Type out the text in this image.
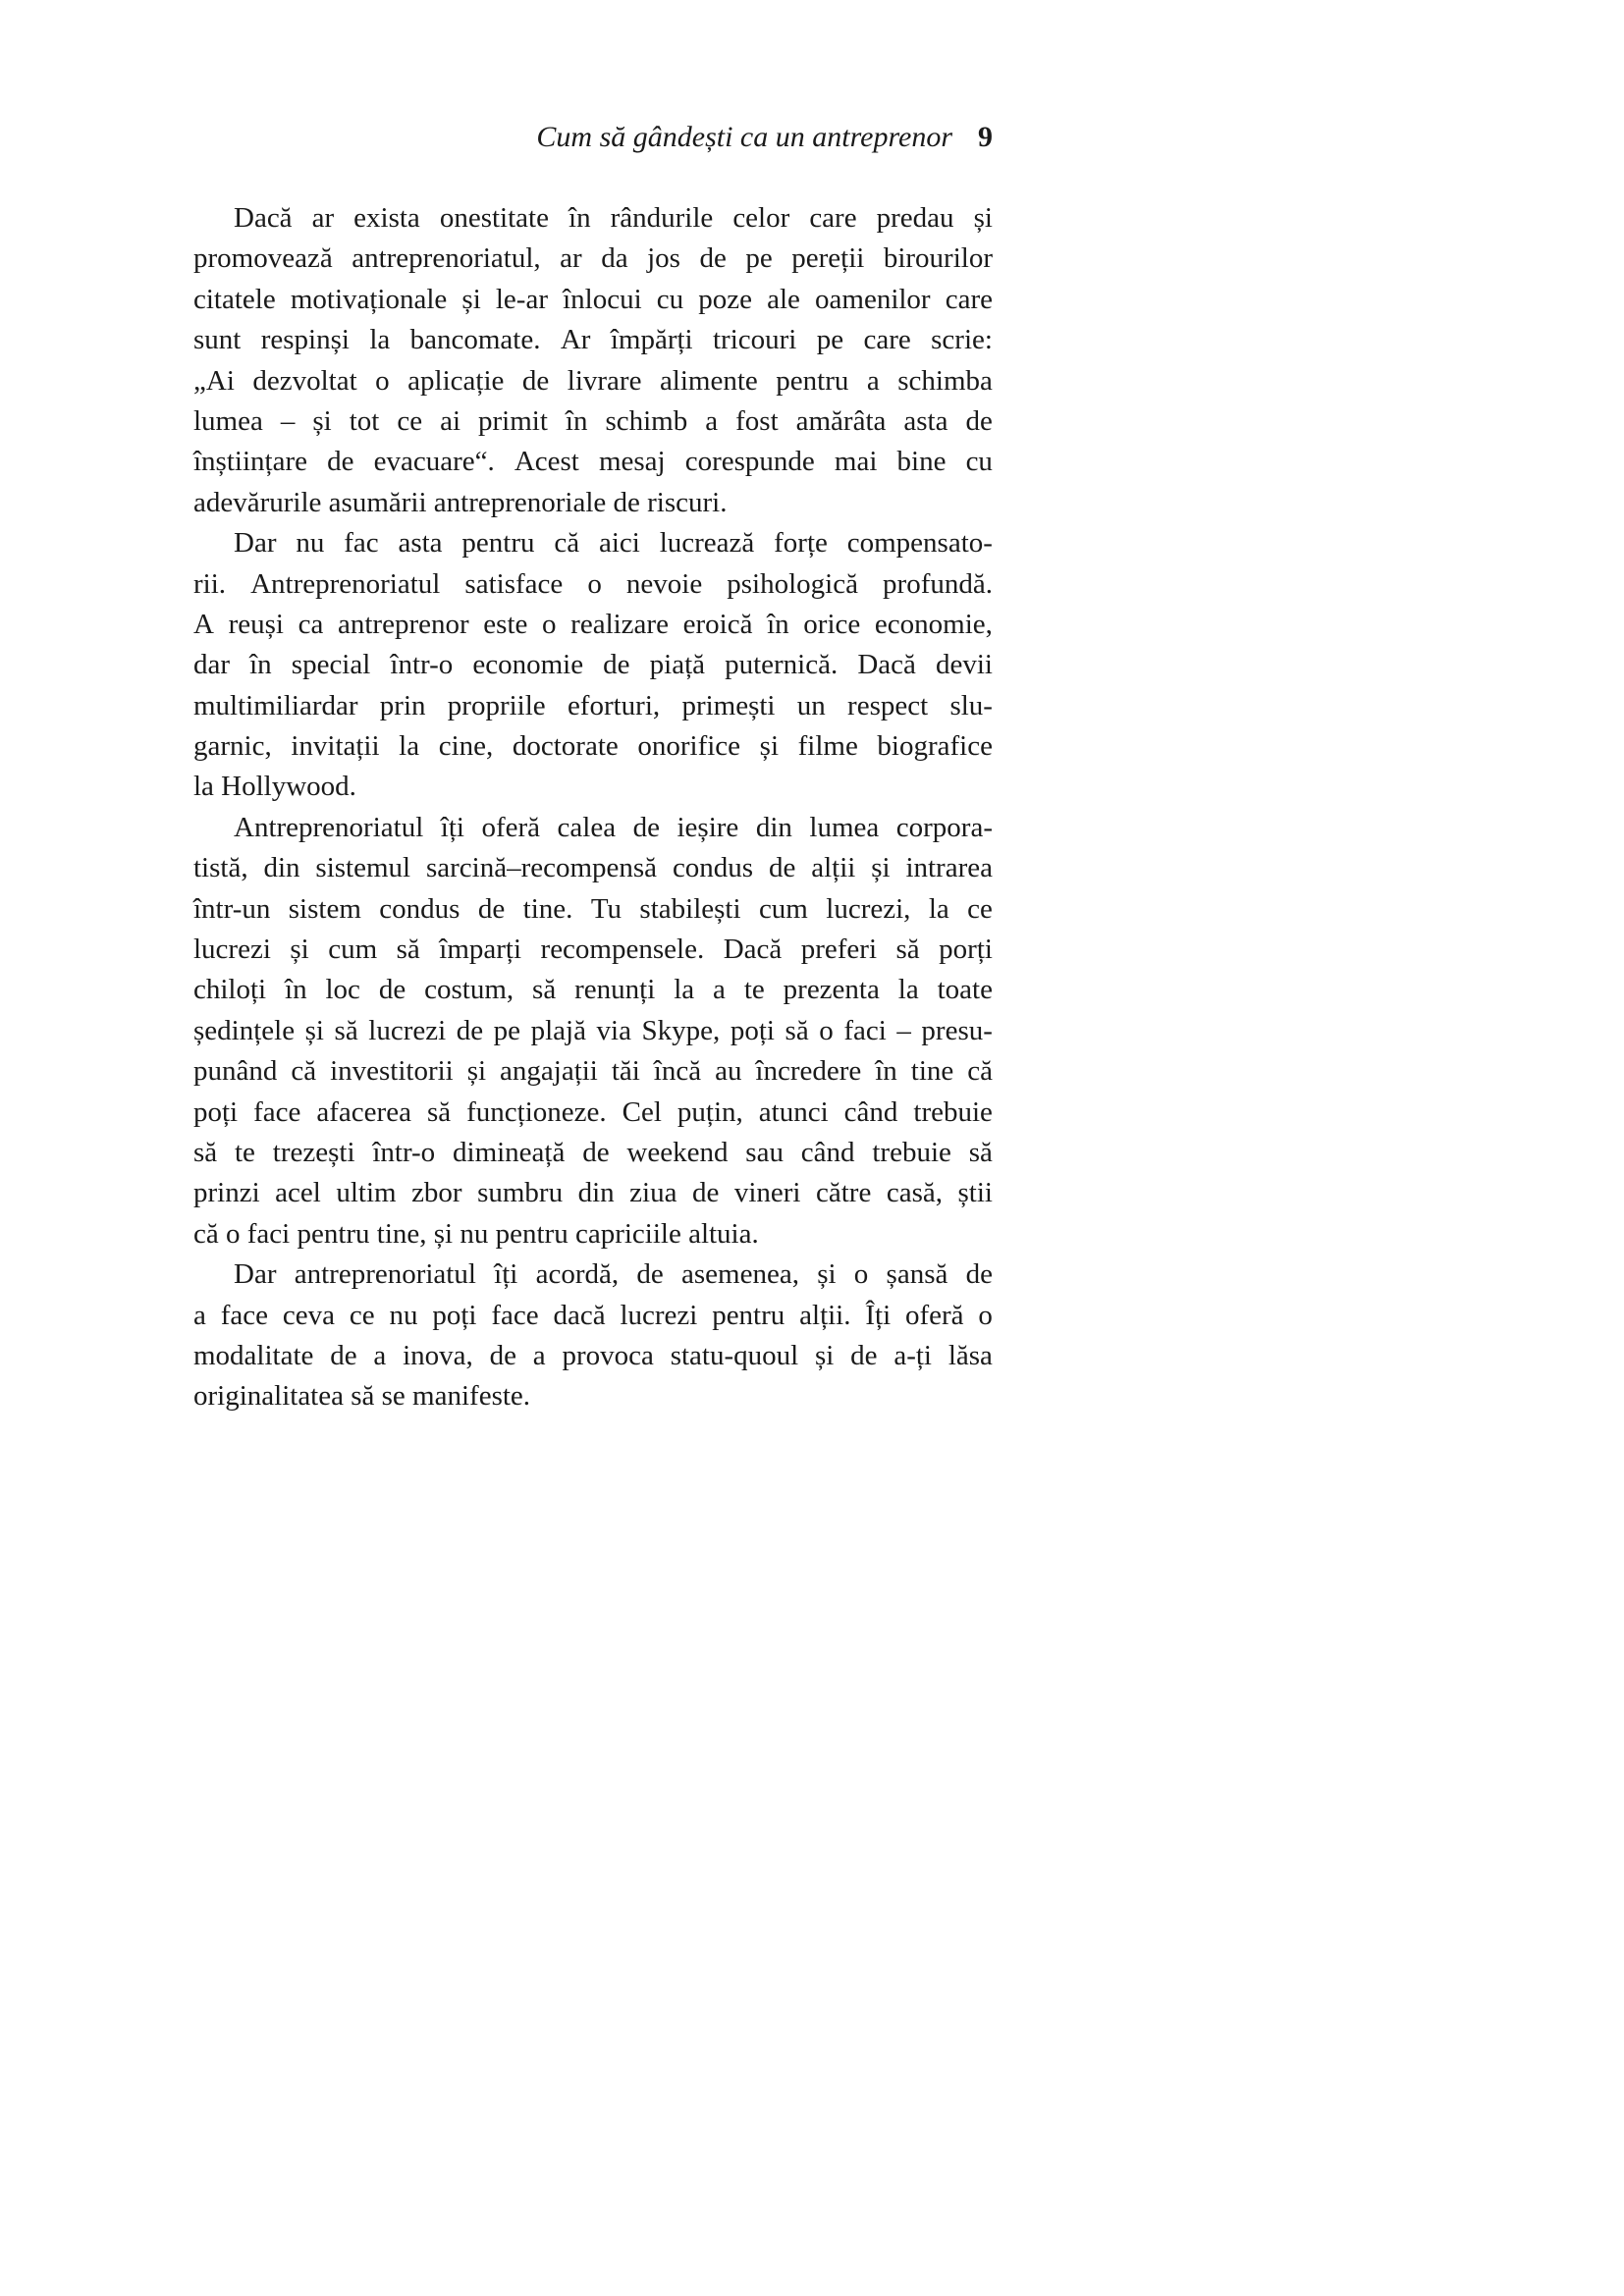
Cum să gândești ca un antreprenor 9
Dacă ar exista onestitate în rândurile celor care predau și
promovează antreprenoriatul, ar da jos de pe pereții birourilor
citatele motivaționale și le-ar înlocui cu poze ale oamenilor care
sunt respinși la bancomate. Ar împărți tricouri pe care scrie:
„Ai dezvoltat o aplicație de livrare alimente pentru a schimba
lumea – și tot ce ai primit în schimb a fost amărâta asta de
înștiințare de evacuare“. Acest mesaj corespunde mai bine cu
adevărurile asumării antreprenoriale de riscuri.
Dar nu fac asta pentru că aici lucrează forțe compensato-
rii. Antreprenoriatul satisface o nevoie psihologică profundă.
A reuși ca antreprenor este o realizare eroică în orice economie,
dar în special într-o economie de piață puternică. Dacă devii
multimiliardar prin propriile eforturi, primești un respect slu-
garnic, invitații la cine, doctorate onorifice și filme biografice
la Hollywood.
Antreprenoriatul îți oferă calea de ieșire din lumea corpora-
tistă, din sistemul sarcină–recompensă condus de alții și intrarea
într-un sistem condus de tine. Tu stabilești cum lucrezi, la ce
lucrezi și cum să împarți recompensele. Dacă preferi să porți
chiloți în loc de costum, să renunți la a te prezenta la toate
ședințele și să lucrezi de pe plajă via Skype, poți să o faci – presu-
punând că investitorii și angajații tăi încă au încredere în tine că
poți face afacerea să funcționeze. Cel puțin, atunci când trebuie
să te trezești într-o dimineață de weekend sau când trebuie să
prinzi acel ultim zbor sumbru din ziua de vineri către casă, știi
că o faci pentru tine, și nu pentru capriciile altuia.
Dar antreprenoriatul îți acordă, de asemenea, și o șansă de
a face ceva ce nu poți face dacă lucrezi pentru alții. Îți oferă o
modalitate de a inova, de a provoca statu-quoul și de a-ți lăsa
originalitatea să se manifeste.
